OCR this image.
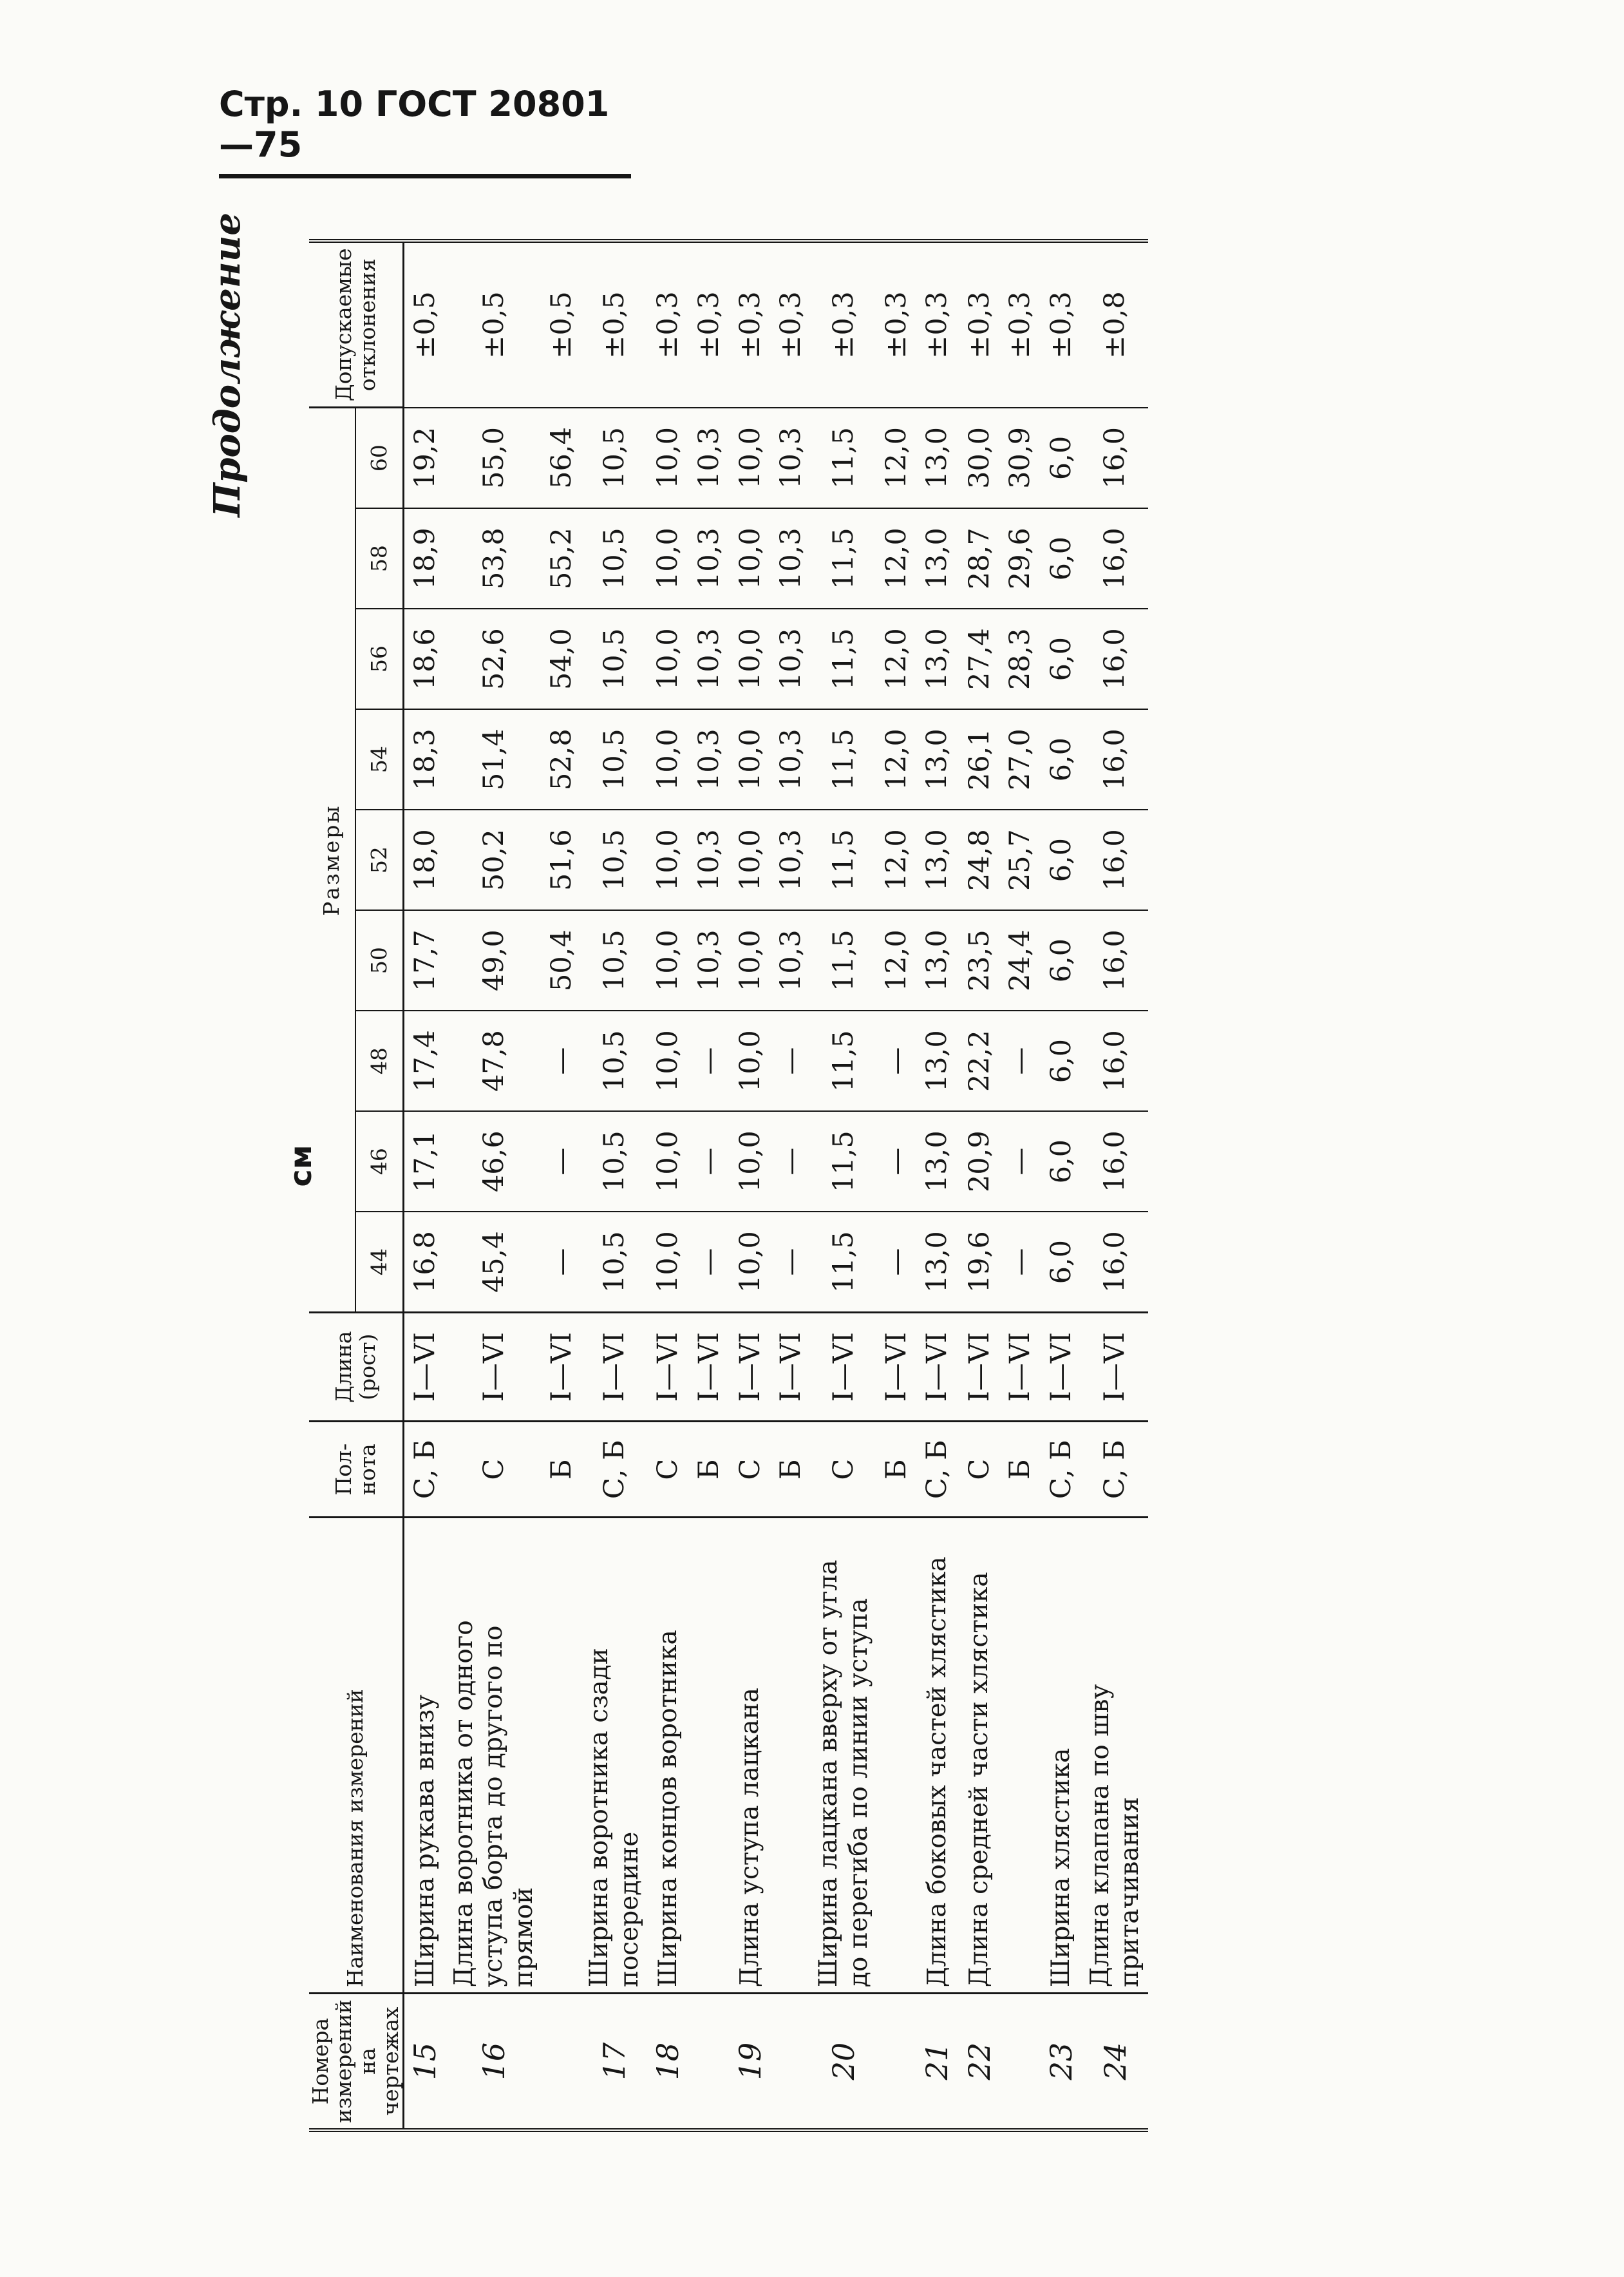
Стр. 10 ГОСТ 20801—75
Продолжение
см
Номера измерений на чертежах	Наименования измерений	Пол-нота	Длина (рост)	Размеры									Допускаемые отклонения
				44	46	48	50	52	54	56	58	60	
15	Ширина рукава внизу	С, Б	I—VI	16,8	17,1	17,4	17,7	18,0	18,3	18,6	18,9	19,2	±0,5
16	Длина воротника от одного уступа борта до другого по прямой	С	I—VI	45,4	46,6	47,8	49,0	50,2	51,4	52,6	53,8	55,0	±0,5
		Б	I—VI	—	—	—	50,4	51,6	52,8	54,0	55,2	56,4	±0,5
17	Ширина воротника сзади посередине	С, Б	I—VI	10,5	10,5	10,5	10,5	10,5	10,5	10,5	10,5	10,5	±0,5
18	Ширина концов воротника	С	I—VI	10,0	10,0	10,0	10,0	10,0	10,0	10,0	10,0	10,0	±0,3
		Б	I—VI	—	—	—	10,3	10,3	10,3	10,3	10,3	10,3	±0,3
19	Длина уступа лацкана	С	I—VI	10,0	10,0	10,0	10,0	10,0	10,0	10,0	10,0	10,0	±0,3
		Б	I—VI	—	—	—	10,3	10,3	10,3	10,3	10,3	10,3	±0,3
20	Ширина лацкана вверху от угла до перегиба по линии уступа	С	I—VI	11,5	11,5	11,5	11,5	11,5	11,5	11,5	11,5	11,5	±0,3
		Б	I—VI	—	—	—	12,0	12,0	12,0	12,0	12,0	12,0	±0,3
21	Длина боковых частей хлястика	С, Б	I—VI	13,0	13,0	13,0	13,0	13,0	13,0	13,0	13,0	13,0	±0,3
22	Длина средней части хлястика	С	I—VI	19,6	20,9	22,2	23,5	24,8	26,1	27,4	28,7	30,0	±0,3
		Б	I—VI	—	—	—	24,4	25,7	27,0	28,3	29,6	30,9	±0,3
23	Ширина хлястика	С, Б	I—VI	6,0	6,0	6,0	6,0	6,0	6,0	6,0	6,0	6,0	±0,3
24	Длина клапана по шву притачивания	С, Б	I—VI	16,0	16,0	16,0	16,0	16,0	16,0	16,0	16,0	16,0	±0,8
